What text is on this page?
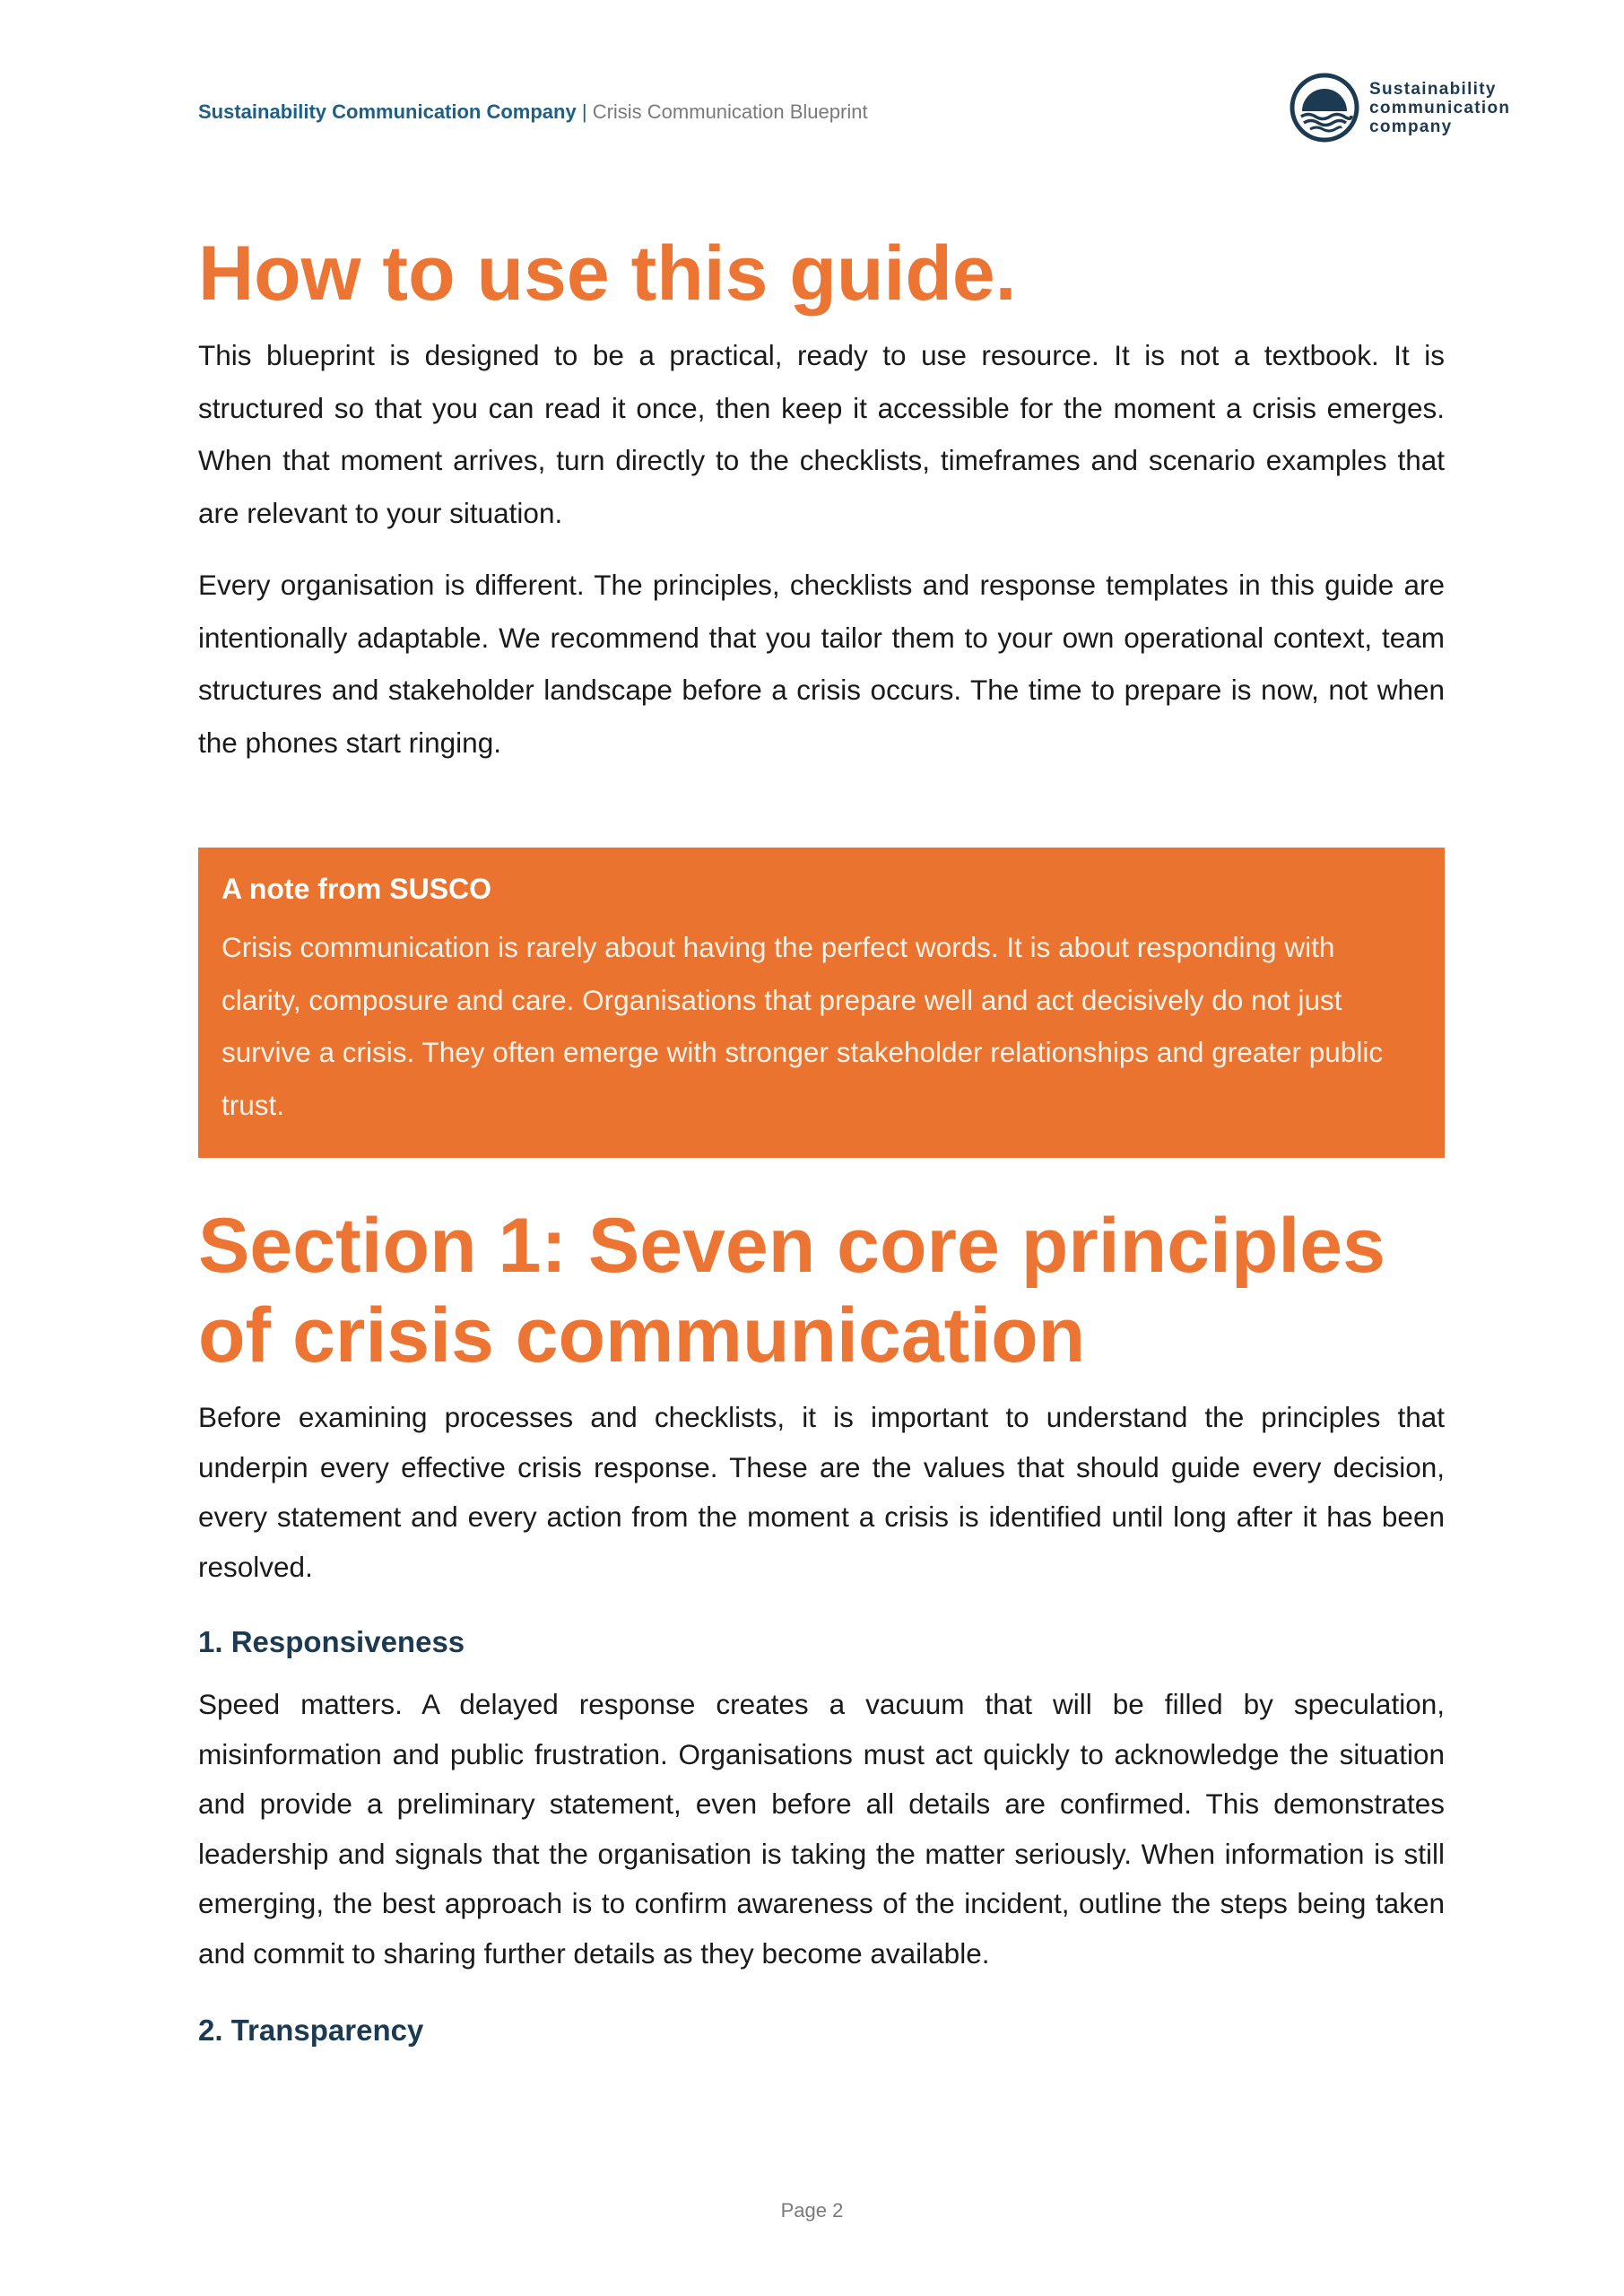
Sustainability Communication Company | Crisis Communication Blueprint
Sustainability
communication
company
How to use this guide.

This blueprint is designed to be a practical, ready to use resource. It is not a textbook. It is structured so that you can read it once, then keep it accessible for the moment a crisis emerges. When that moment arrives, turn directly to the checklists, timeframes and scenario examples that are relevant to your situation.

Every organisation is different. The principles, checklists and response templates in this guide are intentionally adaptable. We recommend that you tailor them to your own operational context, team structures and stakeholder landscape before a crisis occurs. The time to prepare is now, not when the phones start ringing.

A note from SUSCO
Crisis communication is rarely about having the perfect words. It is about responding with clarity, composure and care. Organisations that prepare well and act decisively do not just survive a crisis. They often emerge with stronger stakeholder relationships and greater public trust.
Section 1: Seven core principles
of crisis communication

Before examining processes and checklists, it is important to understand the principles that underpin every effective crisis response. These are the values that should guide every decision, every statement and every action from the moment a crisis is identified until long after it has been resolved.

1. Responsiveness

Speed matters. A delayed response creates a vacuum that will be filled by speculation, misinformation and public frustration. Organisations must act quickly to acknowledge the situation and provide a preliminary statement, even before all details are confirmed. This demonstrates leadership and signals that the organisation is taking the matter seriously. When information is still emerging, the best approach is to confirm awareness of the incident, outline the steps being taken and commit to sharing further details as they become available.

2. Transparency
Page 2
